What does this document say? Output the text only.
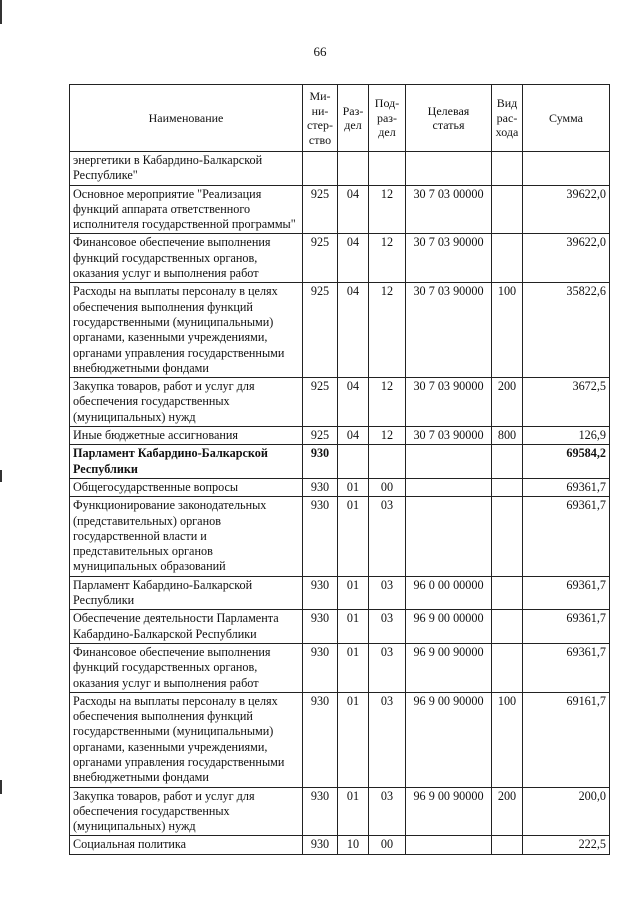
66
Наименование	Ми-
ни-
стер-
ство	Раз-
дел	Под-
раз-
дел	Целевая
статья	Вид
рас-
хода	Сумма
энергетики в Кабардино-Балкарской Республике"						
Основное мероприятие "Реализация функций аппарата ответственного исполнителя государственной программы"	925	04	12	30 7 03 00000		39622,0
Финансовое обеспечение выполнения функций государственных органов, оказания услуг и выполнения работ	925	04	12	30 7 03 90000		39622,0
Расходы на выплаты персоналу в целях обеспечения выполнения функций государственными (муниципальными) органами, казенными учреждениями, органами управления государственными внебюджетными фондами	925	04	12	30 7 03 90000	100	35822,6
Закупка товаров, работ и услуг для обеспечения государственных (муниципальных) нужд	925	04	12	30 7 03 90000	200	3672,5
Иные бюджетные ассигнования	925	04	12	30 7 03 90000	800	126,9
Парламент Кабардино-Балкарской Республики	930					69584,2
Общегосударственные вопросы	930	01	00			69361,7
Функционирование законодательных (представительных) органов государственной власти и представительных органов муниципальных образований	930	01	03			69361,7
Парламент Кабардино-Балкарской Республики	930	01	03	96 0 00 00000		69361,7
Обеспечение деятельности Парламента Кабардино-Балкарской Республики	930	01	03	96 9 00 00000		69361,7
Финансовое обеспечение выполнения функций государственных органов, оказания услуг и выполнения работ	930	01	03	96 9 00 90000		69361,7
Расходы на выплаты персоналу в целях обеспечения выполнения функций государственными (муниципальными) органами, казенными учреждениями, органами управления государственными внебюджетными фондами	930	01	03	96 9 00 90000	100	69161,7
Закупка товаров, работ и услуг для обеспечения государственных (муниципальных) нужд	930	01	03	96 9 00 90000	200	200,0
Социальная политика	930	10	00			222,5
